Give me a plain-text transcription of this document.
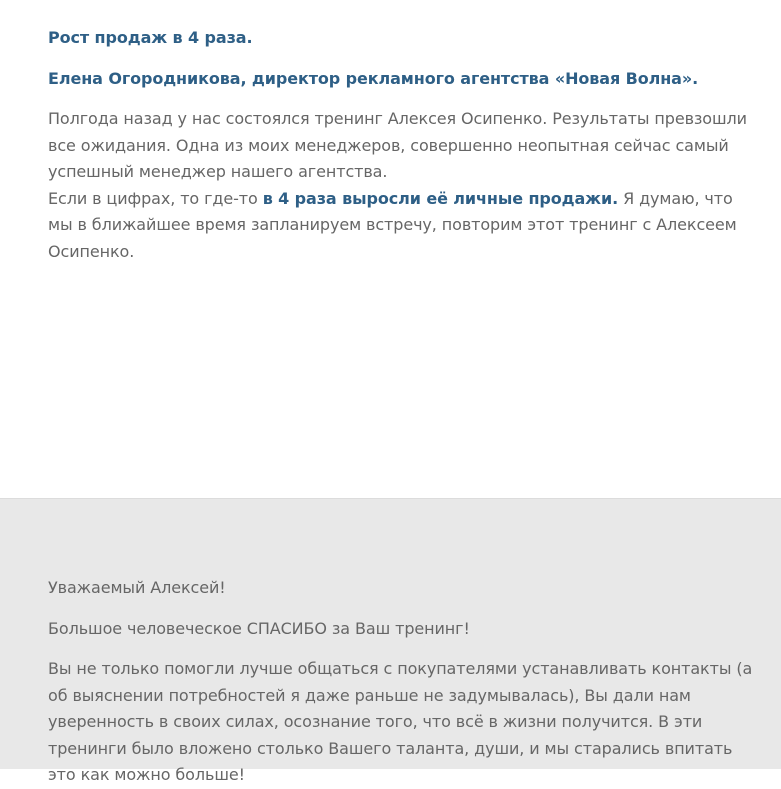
Рост продаж в 4 раза.

Елена Огородникова, директор рекламного агентства «Новая Волна».

Полгода назад у нас состоялся тренинг Алексея Осипенко. Результаты превзошли все ожидания. Одна из моих менеджеров, совершенно неопытная сейчас самый успешный менеджер нашего агентства.
Если в цифрах, то где-то в 4 раза выросли её личные продажи. Я думаю, что мы в ближайшее время запланируем встречу, повторим этот тренинг с Алексеем Осипенко.

Уважаемый Алексей!

Большое человеческое СПАСИБО за Ваш тренинг!

Вы не только помогли лучше общаться с покупателями устанавливать контакты (а об выяснении потребностей я даже раньше не задумывалась), Вы дали нам уверенность в своих силах, осознание того, что всё в жизни получится. В эти тренинги было вложено столько Вашего таланта, души, и мы старались впитать это как можно больше!
